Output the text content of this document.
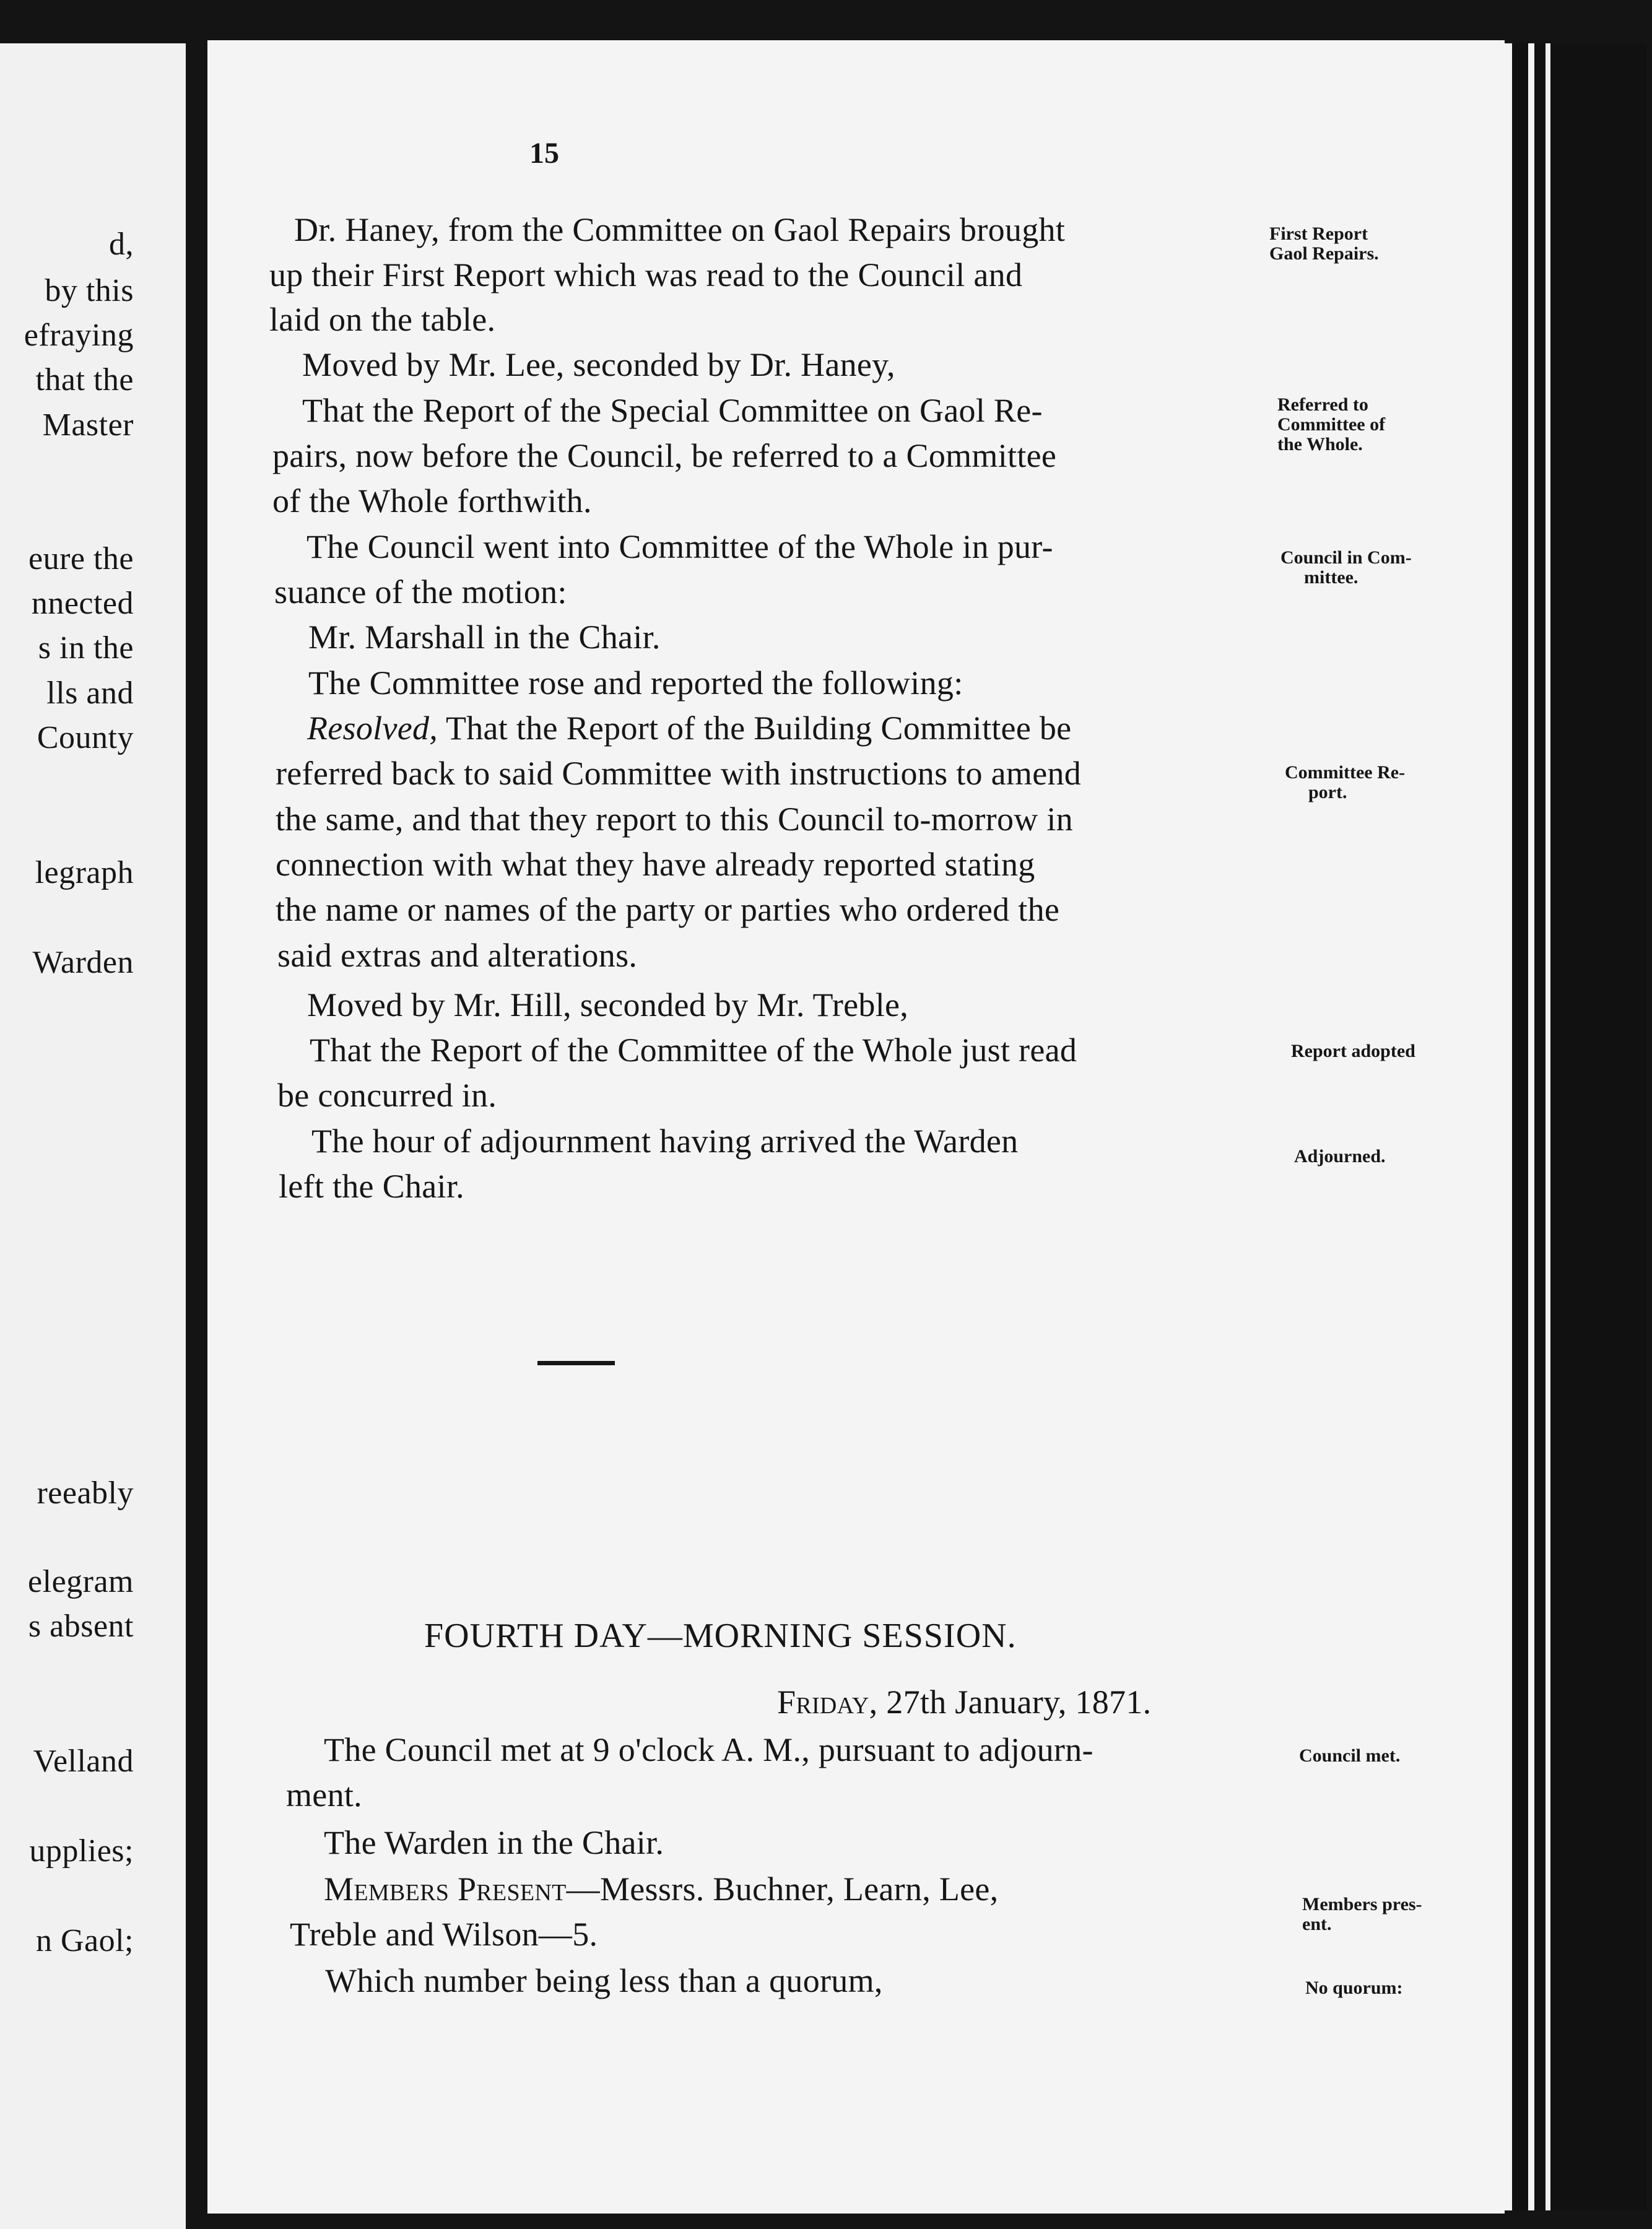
d,
by this
efraying
that the
Master
eure the
nnected
s in the
lls and
County
legraph
Warden
reeably
elegram
s absent
Velland
upplies;
n Gaol;
15
Dr. Haney, from the Committee on Gaol Repairs brought
up their First Report which was read to the Council and
laid on the table.
Moved by Mr. Lee, seconded by Dr. Haney,
That the Report of the Special Committee on Gaol Re-
pairs, now before the Council, be referred to a Committee
of the Whole forthwith.
The Council went into Committee of the Whole in pur-
suance of the motion:
Mr. Marshall in the Chair.
The Committee rose and reported the following:
Resolved, That the Report of the Building Committee be
referred back to said Committee with instructions to amend
the same, and that they report to this Council to-morrow in
connection with what they have already reported stating
the name or names of the party or parties who ordered the
said extras and alterations.
Moved by Mr. Hill, seconded by Mr. Treble,
That the Report of the Committee of the Whole just read
be concurred in.
The hour of adjournment having arrived the Warden
left the Chair.
FOURTH DAY—MORNING SESSION.
Friday, 27th January, 1871.
The Council met at 9 o'clock A. M., pursuant to adjourn-
ment.
The Warden in the Chair.
Members Present—Messrs. Buchner, Learn, Lee,
Treble and Wilson—5.
Which number being less than a quorum,
First Report
Gaol Repairs.
Referred to
Committee of
the Whole.
Council in Com-
mittee.
Committee Re-
port.
Report adopted
Adjourned.
Council met.
Members pres-
ent.
No quorum:
